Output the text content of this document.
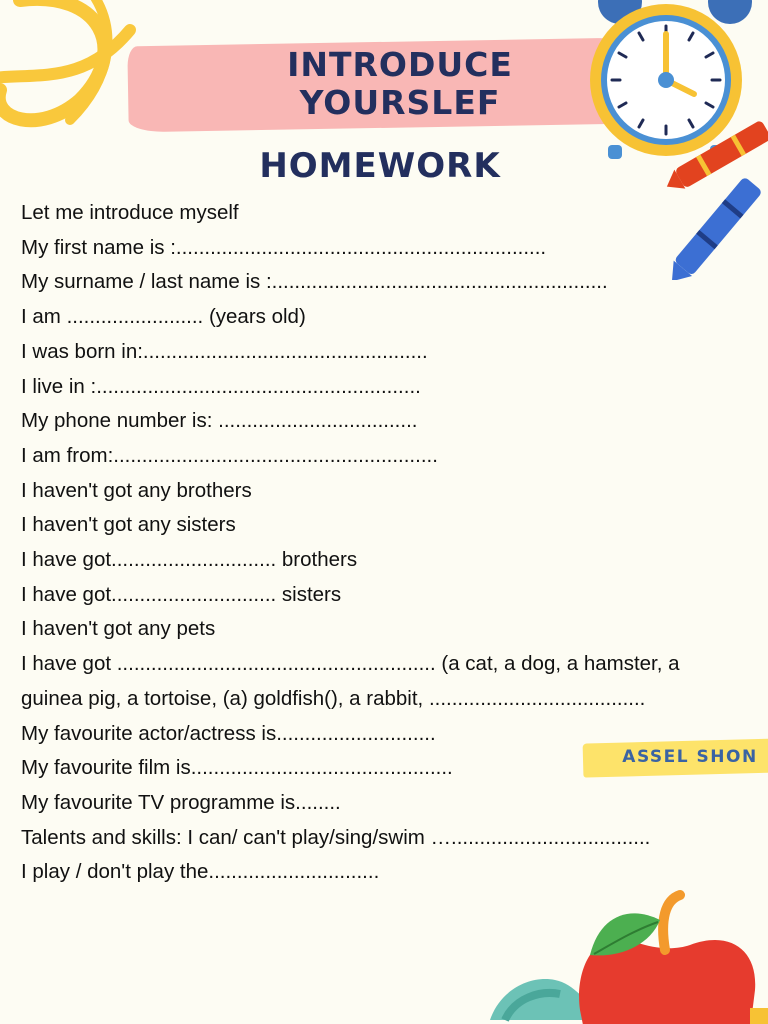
INTRODUCE YOURSLEF
HOMEWORK
Let me introduce myself
My first name is :.................................................................
My surname / last name is :...........................................................
I am ........................ (years old)
I was born in:..................................................
I live in :.........................................................
My phone number is: ...................................
I am from:.........................................................
I haven't got any brothers
I haven't got any sisters
I have got............................. brothers
I have got............................. sisters
I haven't got any pets
I have got ........................................................ (a cat, a dog, a hamster, a guinea pig, a tortoise, (a) goldfish(), a rabbit, ......................................
My favourite actor/actress is............................
My favourite film is..............................................
My favourite TV programme is........
Talents and skills: I can/ can't play/sing/swim …...................................
I play / don't play the..............................
ASSEL SHON
